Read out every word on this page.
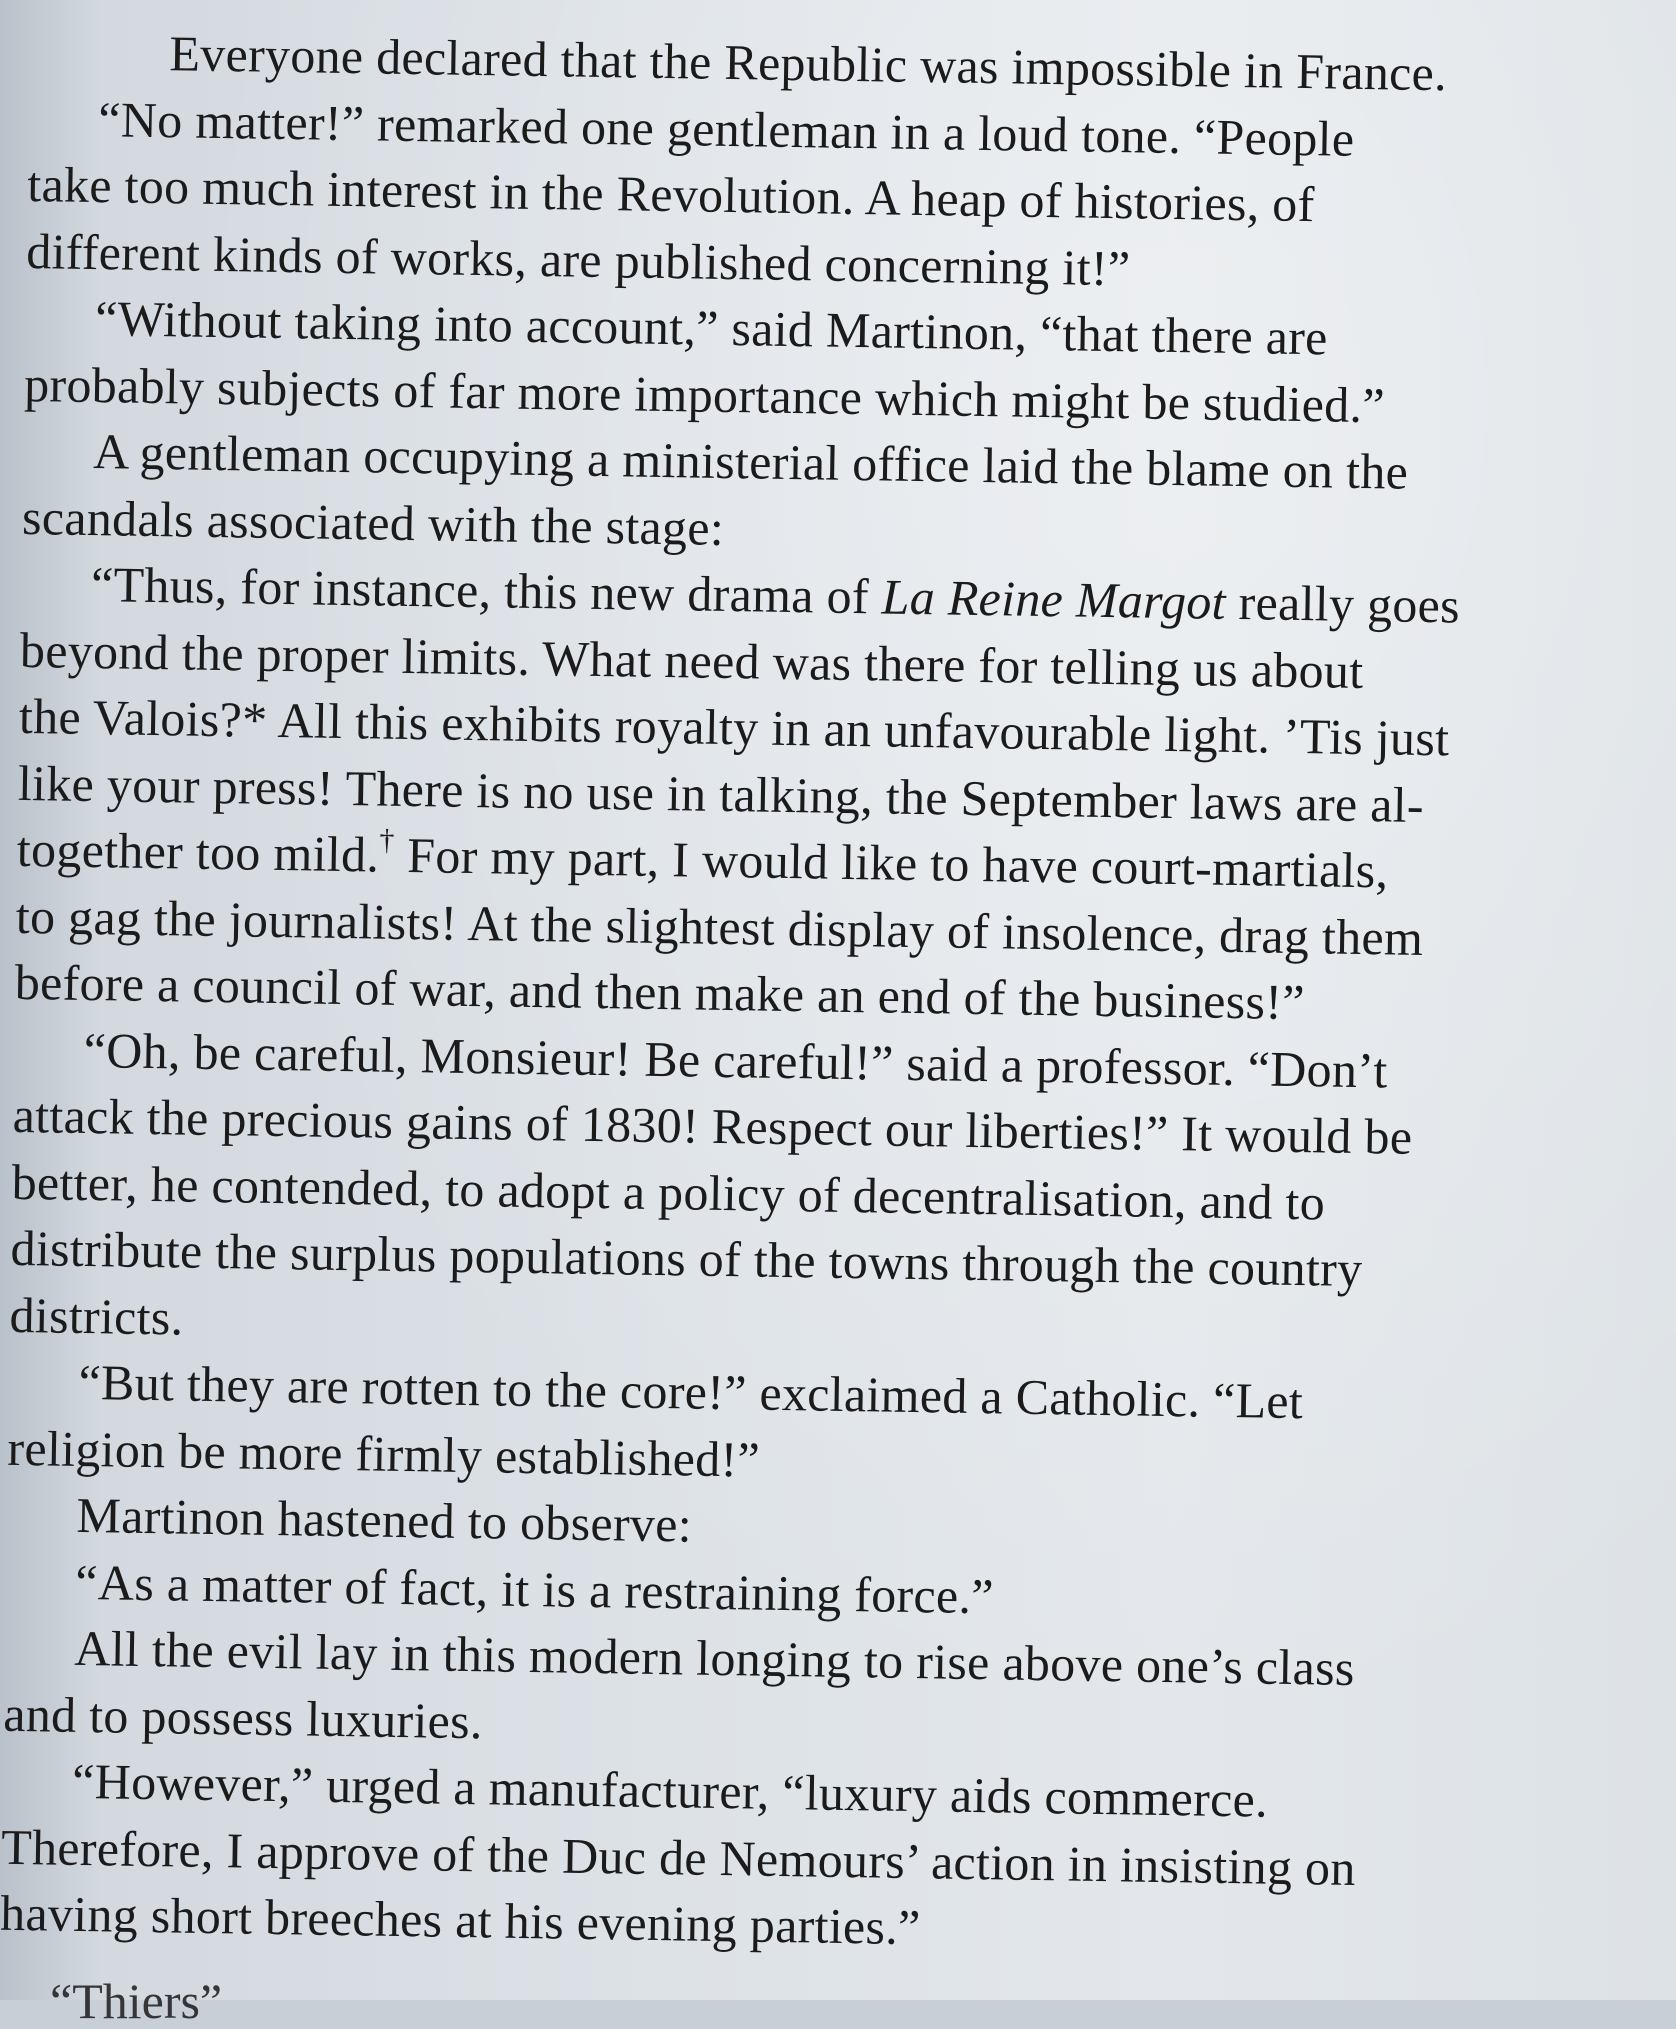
Everyone declared that the Republic was impossible in France.
“No matter!” remarked one gentleman in a loud tone. “People
take too much interest in the Revolution. A heap of histories, of
different kinds of works, are published concerning it!”
“Without taking into account,” said Martinon, “that there are
probably subjects of far more importance which might be studied.”
A gentleman occupying a ministerial office laid the blame on the
scandals associated with the stage:
“Thus, for instance, this new drama of La Reine Margot really goes
beyond the proper limits. What need was there for telling us about
the Valois?* All this exhibits royalty in an unfavourable light. ’Tis just
like your press! There is no use in talking, the September laws are al-
together too mild.† For my part, I would like to have court-martials,
to gag the journalists! At the slightest display of insolence, drag them
before a council of war, and then make an end of the business!”
“Oh, be careful, Monsieur! Be careful!” said a professor. “Don’t
attack the precious gains of 1830! Respect our liberties!” It would be
better, he contended, to adopt a policy of decentralisation, and to
distribute the surplus populations of the towns through the country
districts.
“But they are rotten to the core!” exclaimed a Catholic. “Let
religion be more firmly established!”
Martinon hastened to observe:
“As a matter of fact, it is a restraining force.”
All the evil lay in this modern longing to rise above one’s class
and to possess luxuries.
“However,” urged a manufacturer, “luxury aids commerce.
Therefore, I approve of the Duc de Nemours’ action in insisting on
having short breeches at his evening parties.”
“Thiers”
